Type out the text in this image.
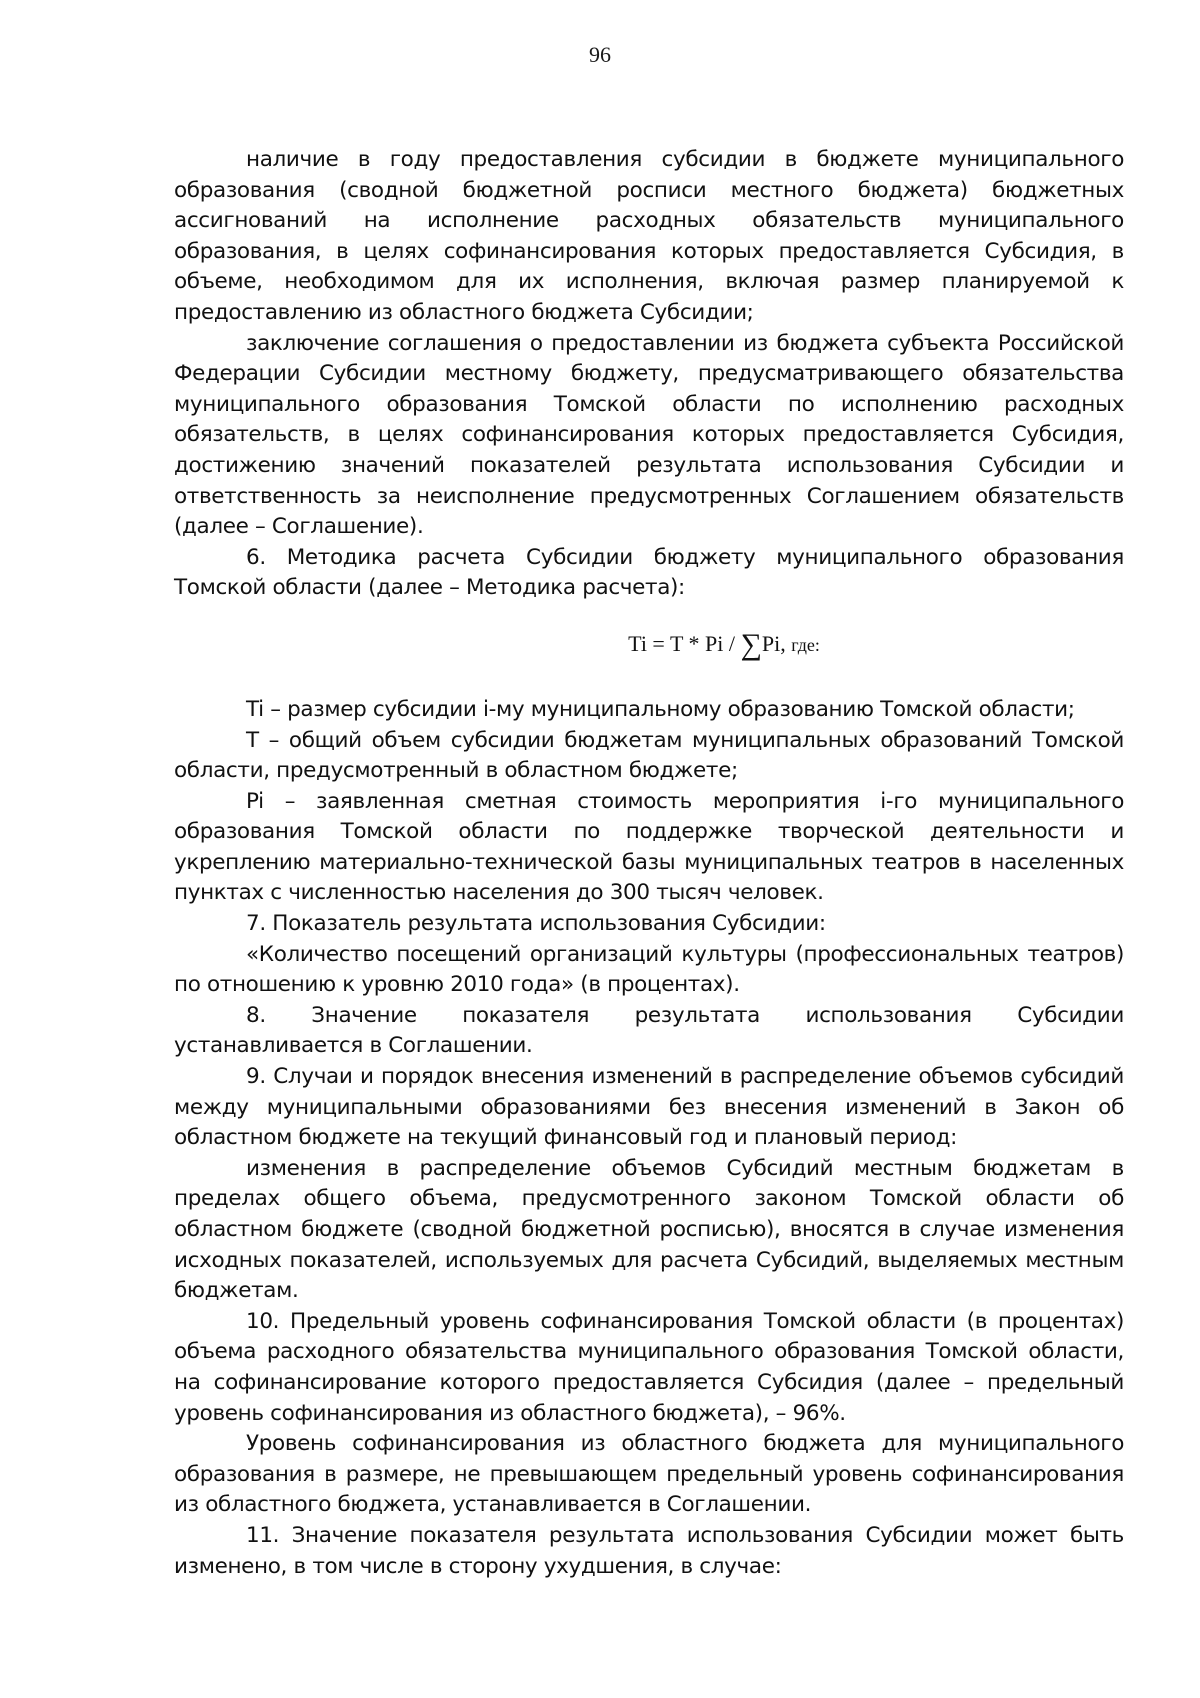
96

наличие в году предоставления субсидии в бюджете муниципального образования (сводной бюджетной росписи местного бюджета) бюджетных ассигнований на исполнение расходных обязательств муниципального образования, в целях софинансирования которых предоставляется Субсидия, в объеме, необходимом для их исполнения, включая размер планируемой к предоставлению из областного бюджета Субсидии;

заключение соглашения о предоставлении из бюджета субъекта Российской Федерации Субсидии местному бюджету, предусматривающего обязательства муниципального образования Томской области по исполнению расходных обязательств, в целях софинансирования которых предоставляется Субсидия, достижению значений показателей результата использования Субсидии и ответственность за неисполнение предусмотренных Соглашением обязательств (далее – Соглашение).

6. Методика расчета Субсидии бюджету муниципального образования Томской области (далее – Методика расчета):

Ti = T * Pi / ∑Pi, где:

Ti – размер субсидии i-му муниципальному образованию Томской области;

T – общий объем субсидии бюджетам муниципальных образований Томской области, предусмотренный в областном бюджете;

Pi – заявленная сметная стоимость мероприятия i-го муниципального образования Томской области по поддержке творческой деятельности и укреплению материально-технической базы муниципальных театров в населенных пунктах с численностью населения до 300 тысяч человек.

7. Показатель результата использования Субсидии:

«Количество посещений организаций культуры (профессиональных театров) по отношению к уровню 2010 года» (в процентах).

8. Значение показателя результата использования Субсидии устанавливается в Соглашении.

9. Случаи и порядок внесения изменений в распределение объемов субсидий между муниципальными образованиями без внесения изменений в Закон об областном бюджете на текущий финансовый год и плановый период:

изменения в распределение объемов Субсидий местным бюджетам в пределах общего объема, предусмотренного законом Томской области об областном бюджете (сводной бюджетной росписью), вносятся в случае изменения исходных показателей, используемых для расчета Субсидий, выделяемых местным бюджетам.

10. Предельный уровень софинансирования Томской области (в процентах) объема расходного обязательства муниципального образования Томской области, на софинансирование которого предоставляется Субсидия (далее – предельный уровень софинансирования из областного бюджета), – 96%.

Уровень софинансирования из областного бюджета для муниципального образования в размере, не превышающем предельный уровень софинансирования из областного бюджета, устанавливается в Соглашении.

11. Значение показателя результата использования Субсидии может быть изменено, в том числе в сторону ухудшения, в случае:
